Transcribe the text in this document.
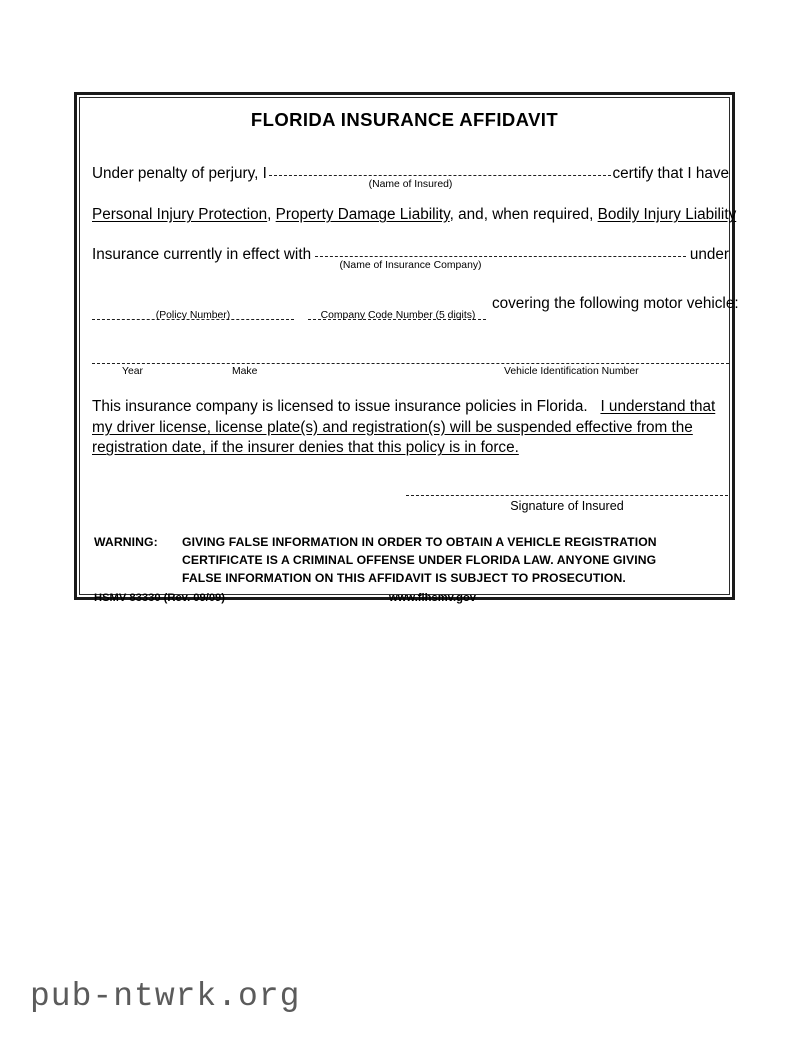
FLORIDA INSURANCE AFFIDAVIT
Under penalty of perjury, I	certify that I have
(Name of Insured)
Personal Injury Protection, Property Damage Liability, and, when required, Bodily Injury Liability
Insurance currently in effect with	under
(Name of Insurance Company)
(Policy Number)	Company Code Number (5 digits)
covering the following motor vehicle:
Year	Make	Vehicle Identification Number
This insurance company is licensed to issue insurance policies in Florida. I understand that my driver license, license plate(s) and registration(s) will be suspended effective from the registration date, if the insurer denies that this policy is in force.
Signature of Insured
WARNING:	GIVING FALSE INFORMATION IN ORDER TO OBTAIN A VEHICLE REGISTRATION
CERTIFICATE IS A CRIMINAL OFFENSE UNDER FLORIDA LAW. ANYONE GIVING
FALSE INFORMATION ON THIS AFFIDAVIT IS SUBJECT TO PROSECUTION.
HSMV 83330 (Rev. 09/09)	www.flhsmv.gov
pub-ntwrk.org
